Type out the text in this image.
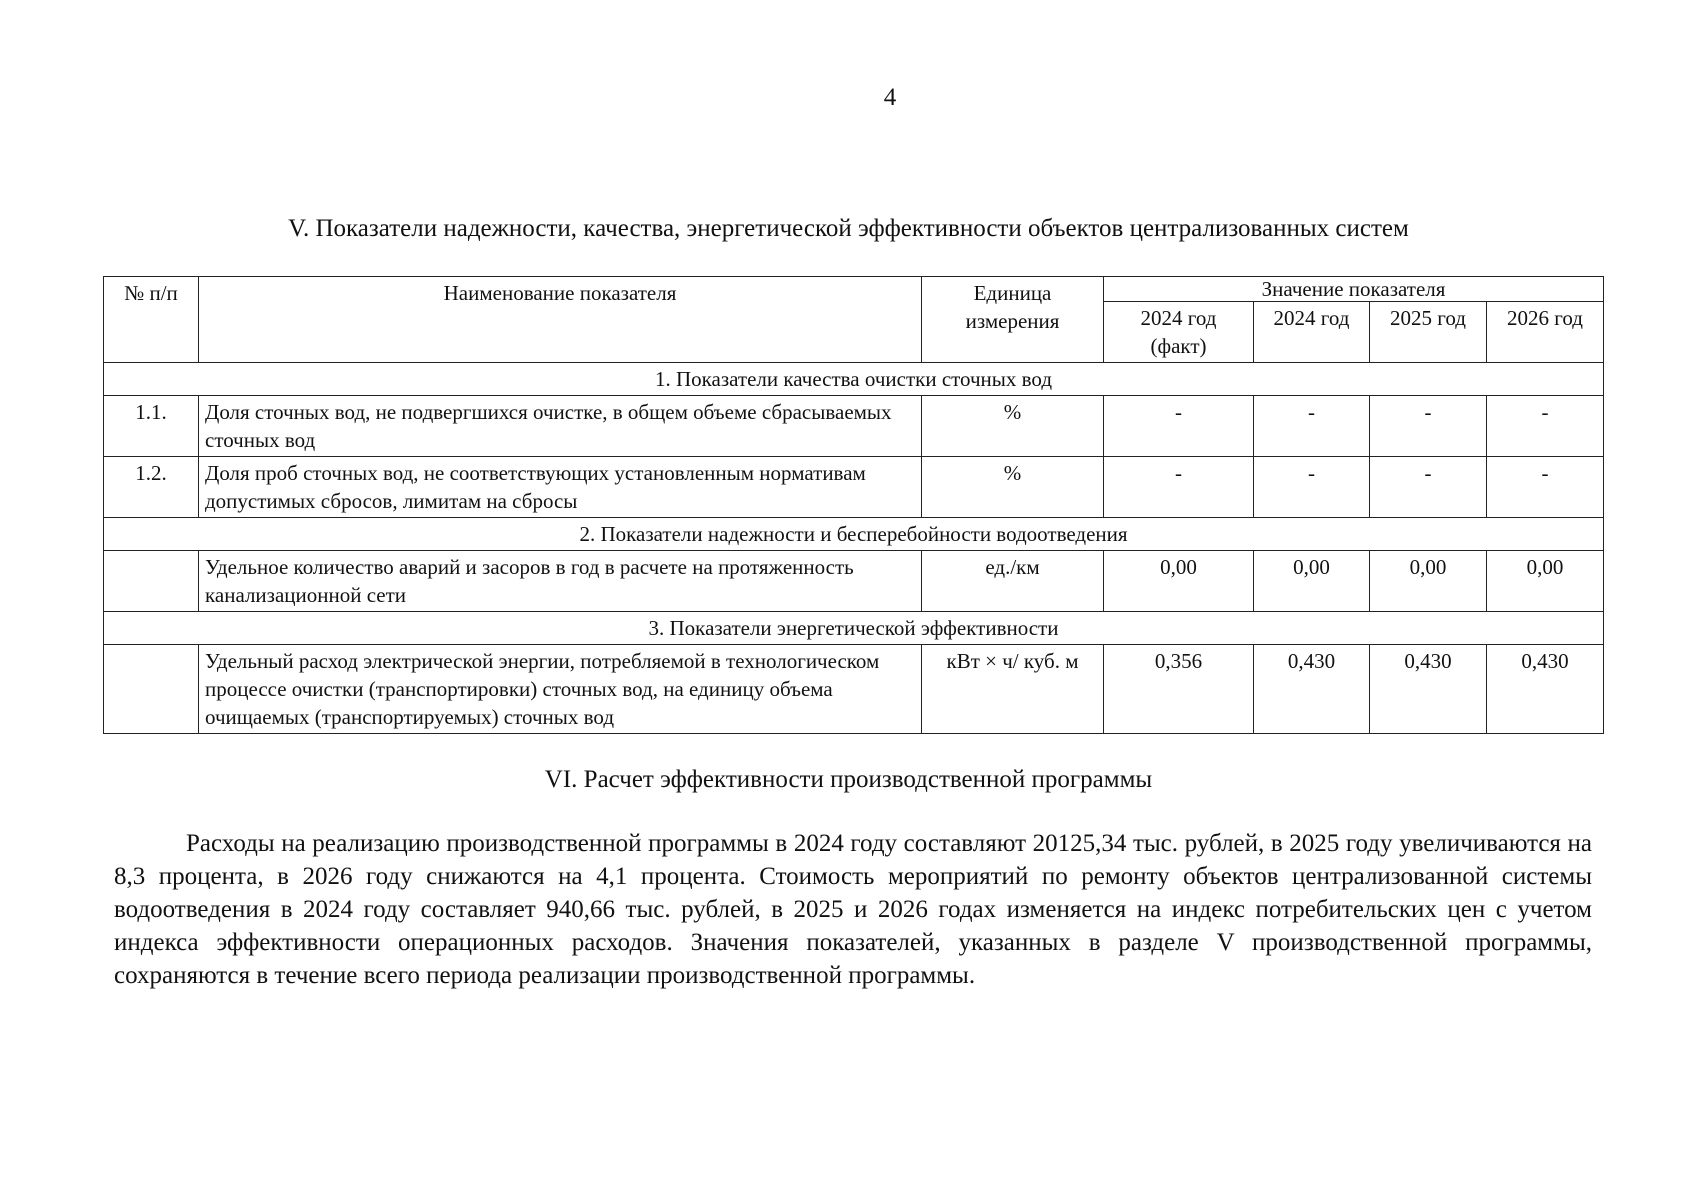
4
V. Показатели надежности, качества, энергетической эффективности объектов централизованных систем
№ п/п	Наименование показателя	Единица измерения	Значение показателя			
			2024 год (факт)	2024 год	2025 год	2026 год
1. Показатели качества очистки сточных вод						
1.1.	Доля сточных вод, не подвергшихся очистке, в общем объеме сбрасываемых сточных вод	%	-	-	-	-
1.2.	Доля проб сточных вод, не соответствующих установленным нормативам допустимых сбросов, лимитам на сбросы	%	-	-	-	-
2. Показатели надежности и бесперебойности водоотведения						
	Удельное количество аварий и засоров в год в расчете на протяженность канализационной сети	ед./км	0,00	0,00	0,00	0,00
3. Показатели энергетической эффективности						
	Удельный расход электрической энергии, потребляемой в технологическом процессе очистки (транспортировки) сточных вод, на единицу объема очищаемых (транспортируемых) сточных вод	кВт × ч/ куб. м	0,356	0,430	0,430	0,430
VI. Расчет эффективности производственной программы

Расходы на реализацию производственной программы в 2024 году составляют 20125,34 тыс. рублей, в 2025 году увеличиваются на 8,3 процента, в 2026 году снижаются на 4,1 процента. Стоимость мероприятий по ремонту объектов централизованной системы водоотведения в 2024 году составляет 940,66 тыс. рублей, в 2025 и 2026 годах изменяется на индекс потребительских цен с учетом индекса эффективности операционных расходов. Значения показателей, указанных в разделе V производственной программы, сохраняются в течение всего периода реализации производственной программы.
